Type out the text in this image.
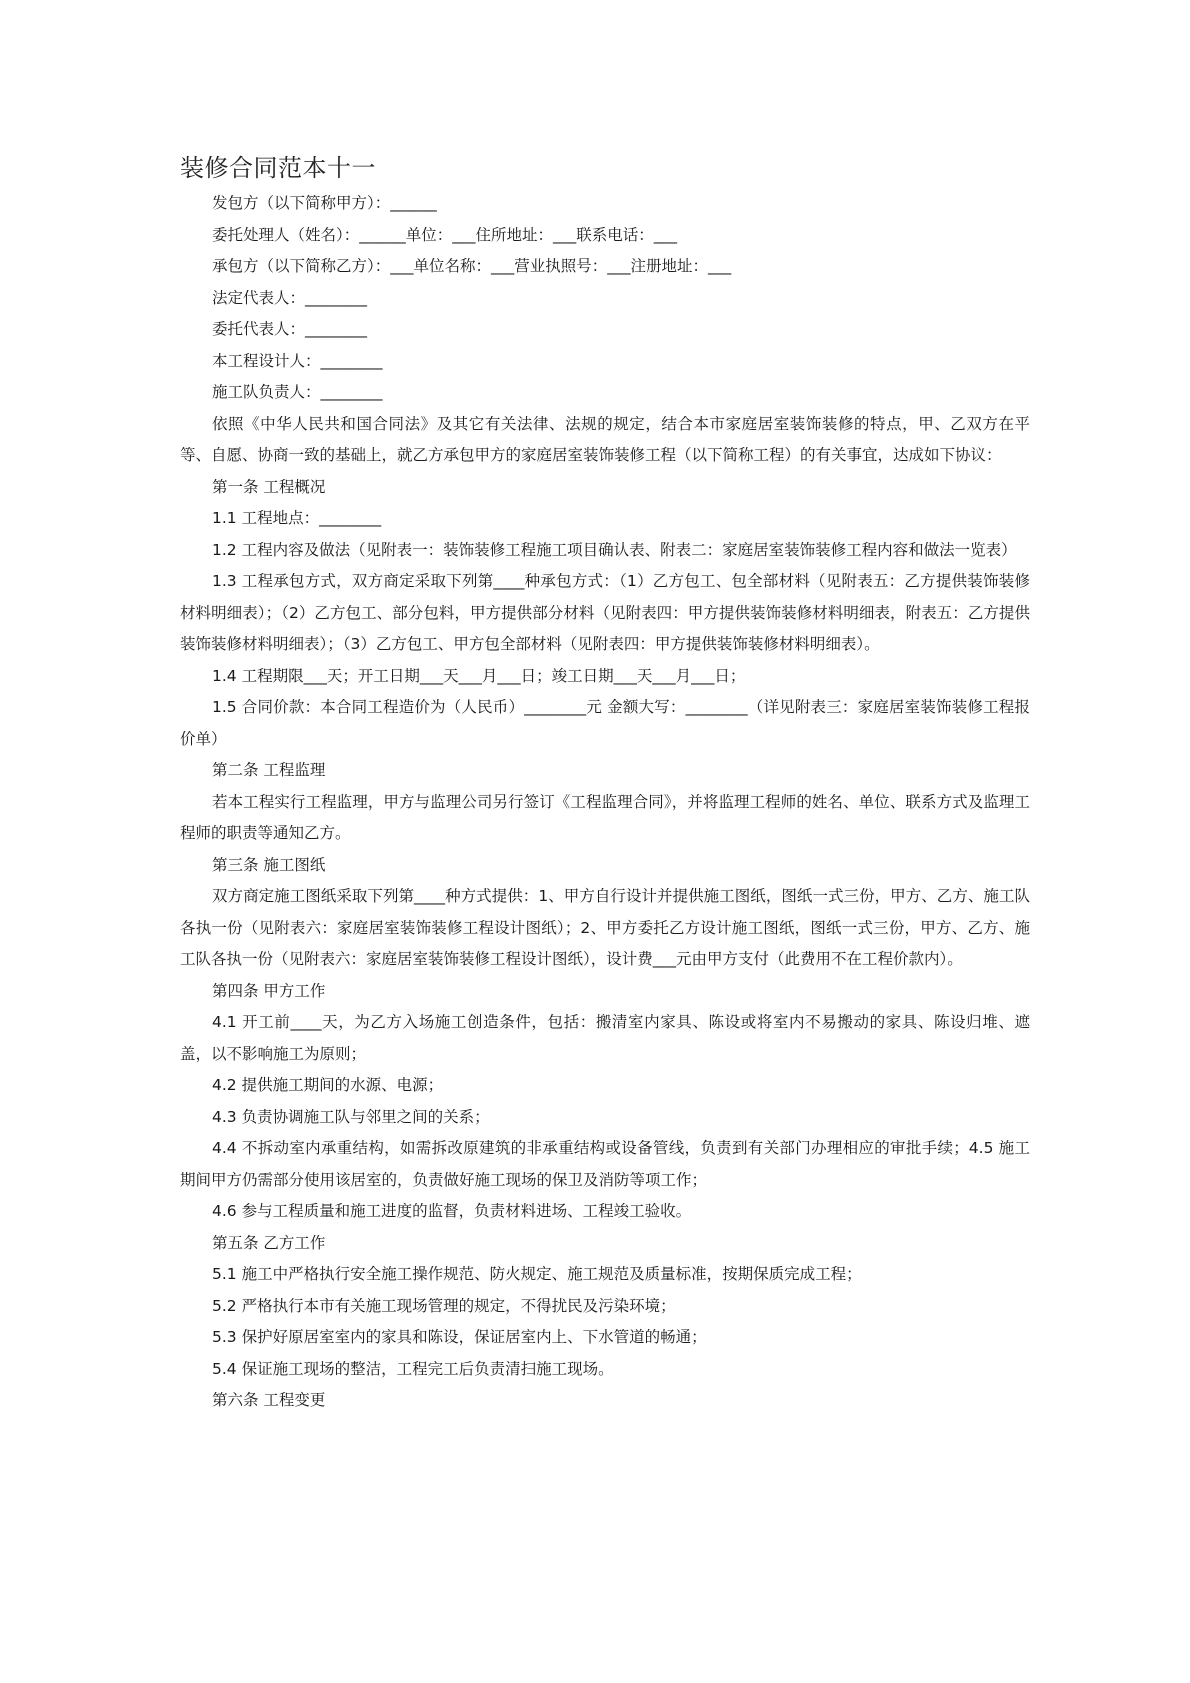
装修合同范本十一

发包方（以下简称甲方）：______

委托处理人（姓名）：______单位：___住所地址：___联系电话：___

承包方（以下简称乙方）：___单位名称：___营业执照号：___注册地址：___

法定代表人：________

委托代表人：________

本工程设计人：________

施工队负责人：________

依照《中华人民共和国合同法》及其它有关法律、法规的规定，结合本市家庭居室装饰装修的特点，甲、乙双方在平等、自愿、协商一致的基础上，就乙方承包甲方的家庭居室装饰装修工程（以下简称工程）的有关事宜，达成如下协议：

第一条 工程概况

1.1 工程地点：________

1.2 工程内容及做法（见附表一：装饰装修工程施工项目确认表、附表二：家庭居室装饰装修工程内容和做法一览表）

1.3 工程承包方式，双方商定采取下列第____种承包方式：（1）乙方包工、包全部材料（见附表五：乙方提供装饰装修材料明细表）；（2）乙方包工、部分包料，甲方提供部分材料（见附表四：甲方提供装饰装修材料明细表，附表五：乙方提供装饰装修材料明细表）；（3）乙方包工、甲方包全部材料（见附表四：甲方提供装饰装修材料明细表）。

1.4 工程期限___天；开工日期___天___月___日；竣工日期___天___月___日；

1.5 合同价款：本合同工程造价为（人民币）________元 金额大写：________（详见附表三：家庭居室装饰装修工程报价单）

第二条 工程监理

若本工程实行工程监理，甲方与监理公司另行签订《工程监理合同》，并将监理工程师的姓名、单位、联系方式及监理工程师的职责等通知乙方。

第三条 施工图纸

双方商定施工图纸采取下列第____种方式提供：1、甲方自行设计并提供施工图纸，图纸一式三份，甲方、乙方、施工队各执一份（见附表六：家庭居室装饰装修工程设计图纸）；2、甲方委托乙方设计施工图纸，图纸一式三份，甲方、乙方、施工队各执一份（见附表六：家庭居室装饰装修工程设计图纸），设计费___元由甲方支付（此费用不在工程价款内）。

第四条 甲方工作

4.1 开工前____天，为乙方入场施工创造条件，包括：搬清室内家具、陈设或将室内不易搬动的家具、陈设归堆、遮盖，以不影响施工为原则；

4.2 提供施工期间的水源、电源；

4.3 负责协调施工队与邻里之间的关系；

4.4 不拆动室内承重结构，如需拆改原建筑的非承重结构或设备管线，负责到有关部门办理相应的审批手续；4.5 施工期间甲方仍需部分使用该居室的，负责做好施工现场的保卫及消防等项工作；

4.6 参与工程质量和施工进度的监督，负责材料进场、工程竣工验收。

第五条 乙方工作

5.1 施工中严格执行安全施工操作规范、防火规定、施工规范及质量标准，按期保质完成工程；

5.2 严格执行本市有关施工现场管理的规定，不得扰民及污染环境；

5.3 保护好原居室室内的家具和陈设，保证居室内上、下水管道的畅通；

5.4 保证施工现场的整洁，工程完工后负责清扫施工现场。

第六条 工程变更
